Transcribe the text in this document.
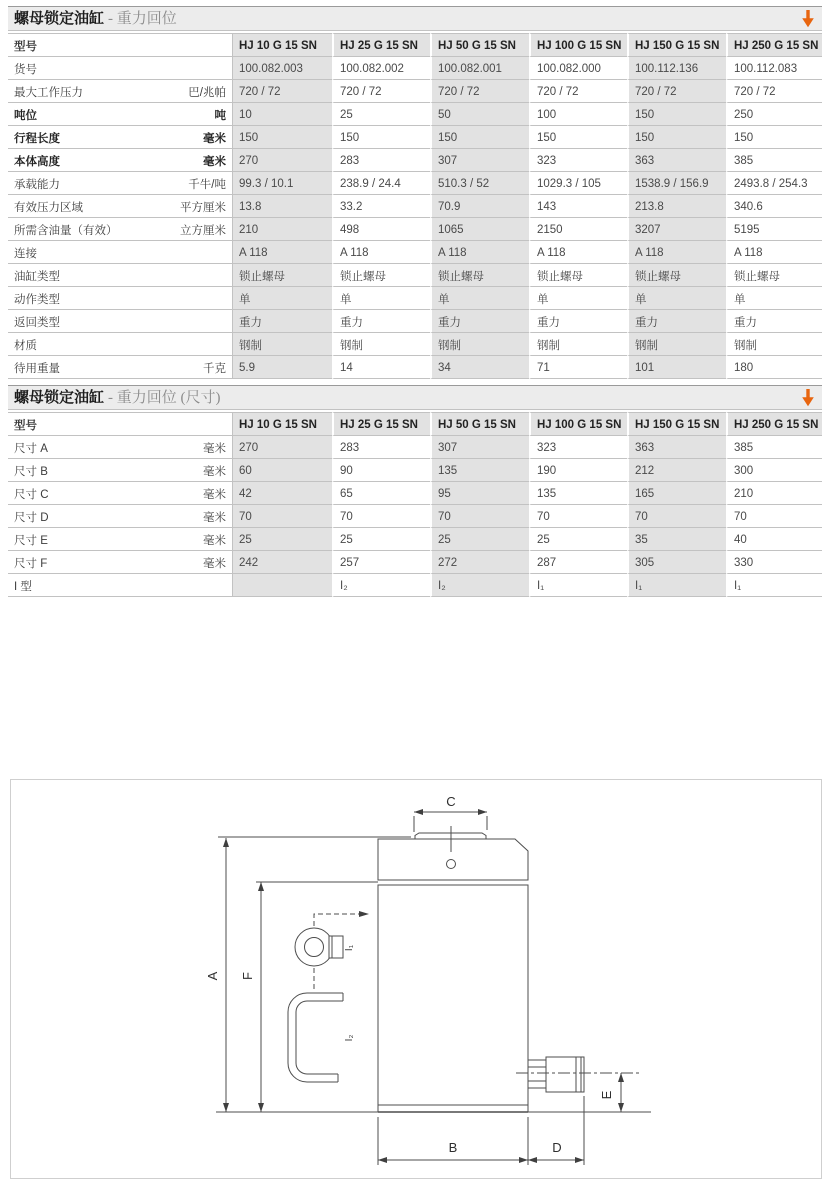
螺母锁定油缸 - 重力回位
型号	HJ 10 G 15 SN	HJ 25 G 15 SN	HJ 50 G 15 SN	HJ 100 G 15 SN	HJ 150 G 15 SN	HJ 250 G 15 SN
货号	100.082.003	100.082.002	100.082.001	100.082.000	100.112.136	100.112.083
最大工作压力 巴/兆帕	720 / 72	720 / 72	720 / 72	720 / 72	720 / 72	720 / 72
吨位 吨	10	25	50	100	150	250
行程长度 毫米	150	150	150	150	150	150
本体高度 毫米	270	283	307	323	363	385
承载能力 千牛/吨	99.3 / 10.1	238.9 / 24.4	510.3 / 52	1029.3 / 105	1538.9 / 156.9	2493.8 / 254.3
有效压力区域 平方厘米	13.8	33.2	70.9	143	213.8	340.6
所需含油量（有效） 立方厘米	210	498	1065	2150	3207	5195
连接	A 118	A 118	A 118	A 118	A 118	A 118
油缸类型	锁止螺母	锁止螺母	锁止螺母	锁止螺母	锁止螺母	锁止螺母
动作类型	单	单	单	单	单	单
返回类型	重力	重力	重力	重力	重力	重力
材质	钢制	钢制	钢制	钢制	钢制	钢制
待用重量 千克	5.9	14	34	71	101	180
螺母锁定油缸 - 重力回位 (尺寸)
型号	HJ 10 G 15 SN	HJ 25 G 15 SN	HJ 50 G 15 SN	HJ 100 G 15 SN	HJ 150 G 15 SN	HJ 250 G 15 SN
尺寸 A 毫米	270	283	307	323	363	385
尺寸 B 毫米	60	90	135	190	212	300
尺寸 C 毫米	42	65	95	135	165	210
尺寸 D 毫米	70	70	70	70	70	70
尺寸 E 毫米	25	25	25	25	35	40
尺寸 F 毫米	242	257	272	287	305	330
I 型		I₂	I₂	I₁	I₁	I₁
I₁
I₂
A F
C
E
B	D
